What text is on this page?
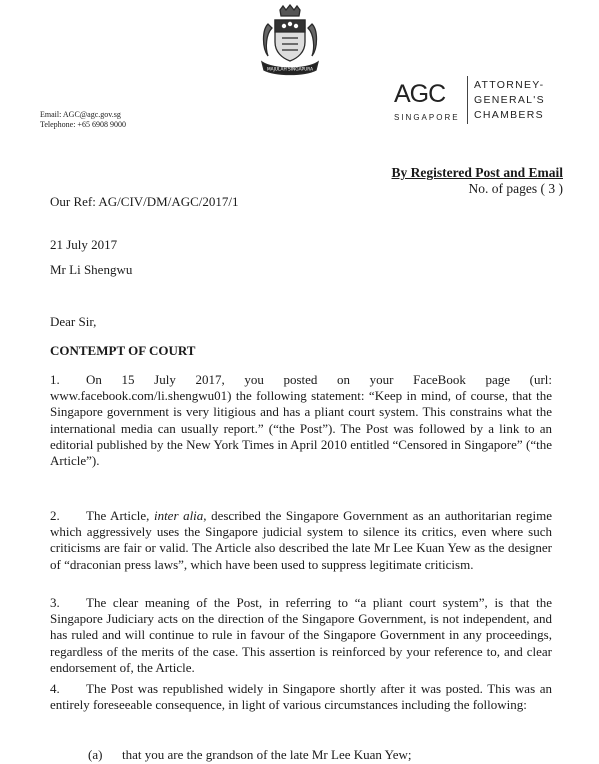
MAJULAH SINGAPURA
Email: AGC@agc.gov.sg
Telephone: +65 6908 9000
AGC
SINGAPORE
ATTORNEY-
GENERAL'S
CHAMBERS
By Registered Post and Email
No. of pages ( 3 )
Our Ref: AG/CIV/DM/AGC/2017/1
21 July 2017
Mr Li Shengwu
Dear Sir,
CONTEMPT OF COURT
1. On 15 July 2017, you posted on your FaceBook page (url: www.facebook.com/li.shengwu01) the following statement: “Keep in mind, of course, that the Singapore government is very litigious and has a pliant court system. This constrains what the international media can usually report.” (“the Post”). The Post was followed by a link to an editorial published by the New York Times in April 2010 entitled “Censored in Singapore” (“the Article”).
2. The Article, inter alia, described the Singapore Government as an authoritarian regime which aggressively uses the Singapore judicial system to silence its critics, even where such criticisms are fair or valid. The Article also described the late Mr Lee Kuan Yew as the designer of “draconian press laws”, which have been used to suppress legitimate criticism.
3. The clear meaning of the Post, in referring to “a pliant court system”, is that the Singapore Judiciary acts on the direction of the Singapore Government, is not independent, and has ruled and will continue to rule in favour of the Singapore Government in any proceedings, regardless of the merits of the case. This assertion is reinforced by your reference to, and clear endorsement of, the Article.
4. The Post was republished widely in Singapore shortly after it was posted. This was an entirely foreseeable consequence, in light of various circumstances including the following:
(a) that you are the grandson of the late Mr Lee Kuan Yew;
